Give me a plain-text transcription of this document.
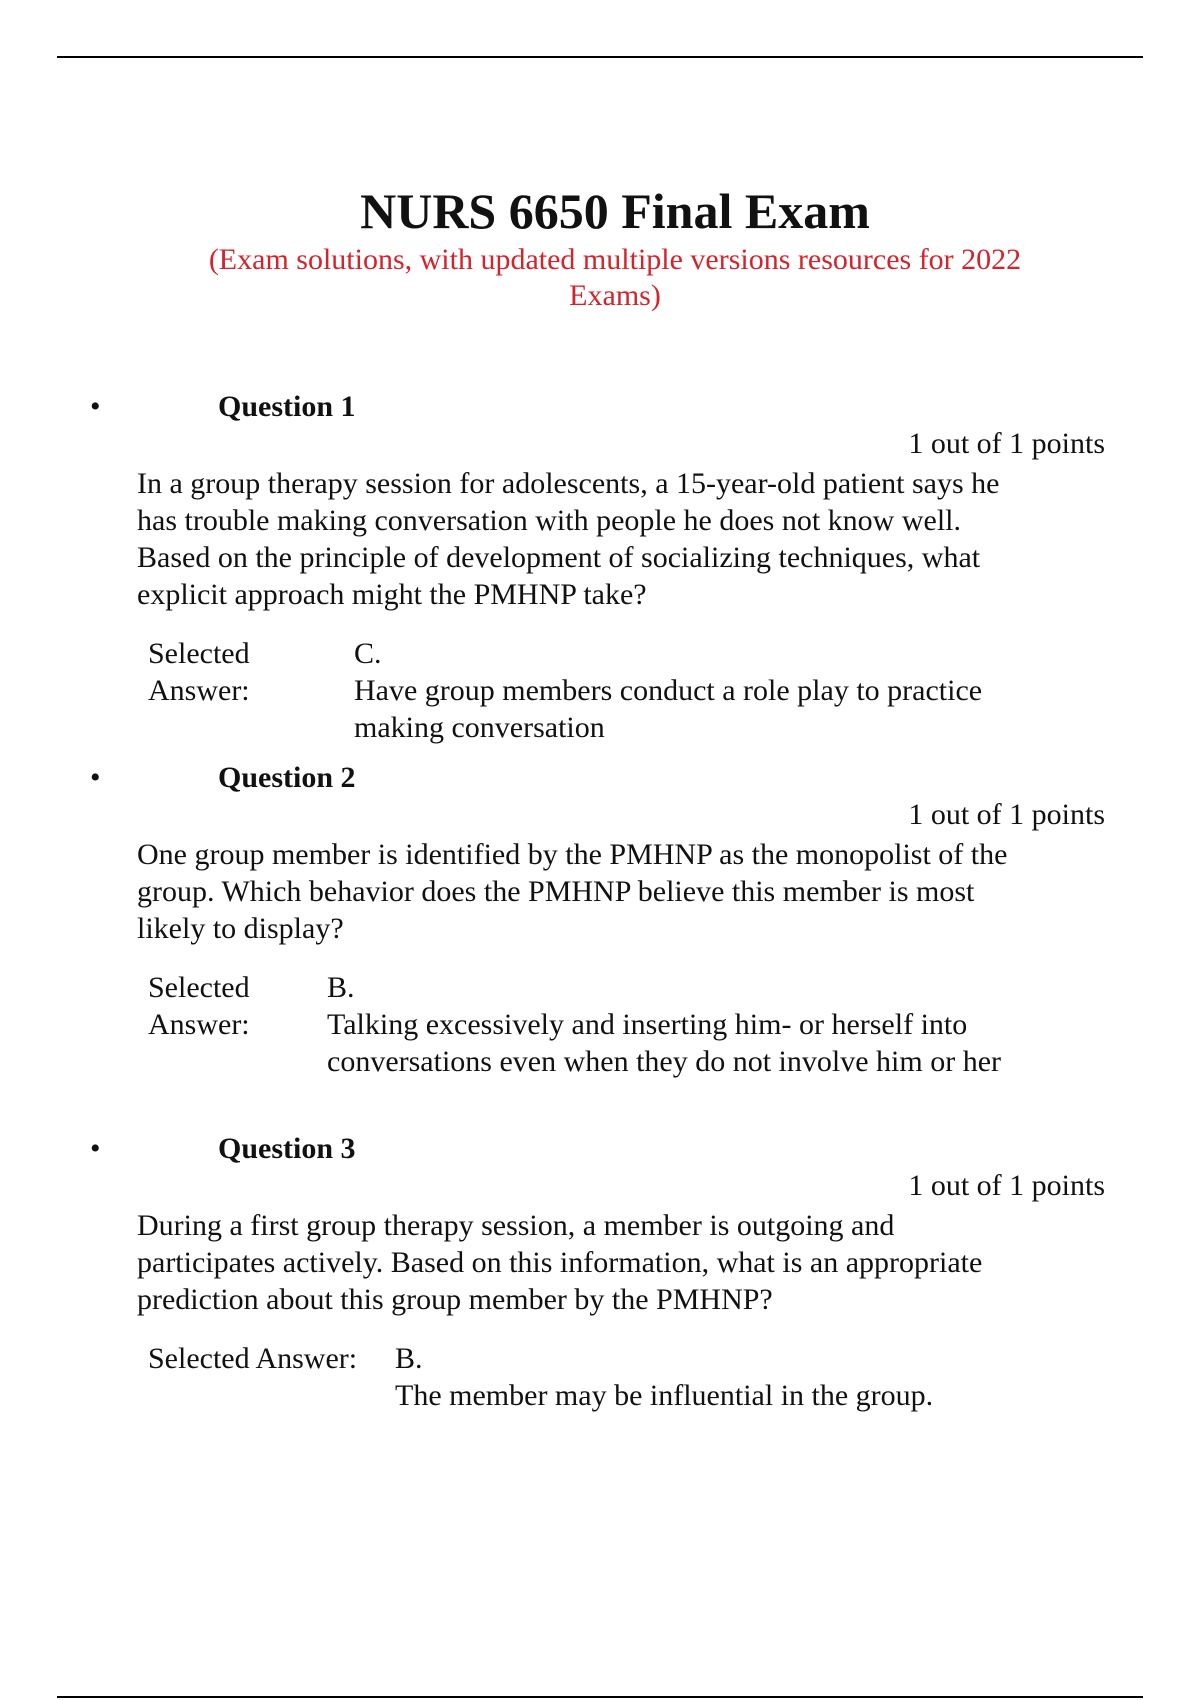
NURS 6650 Final Exam

(Exam solutions, with updated multiple versions resources for 2022 Exams)

•	Question 1
1 out of 1 points
In a group therapy session for adolescents, a 15-year-old patient says he has trouble making conversation with people he does not know well. Based on the principle of development of socializing techniques, what explicit approach might the PMHNP take?
Selected
Answer:
C.
Have group members conduct a role play to practice making conversation
•	Question 2
1 out of 1 points
One group member is identified by the PMHNP as the monopolist of the group. Which behavior does the PMHNP believe this member is most likely to display?
Selected
Answer:
B.
Talking excessively and inserting him- or herself into conversations even when they do not involve him or her
•	Question 3
1 out of 1 points
During a first group therapy session, a member is outgoing and participates actively. Based on this information, what is an appropriate prediction about this group member by the PMHNP?
Selected Answer: B.
The member may be influential in the group.
